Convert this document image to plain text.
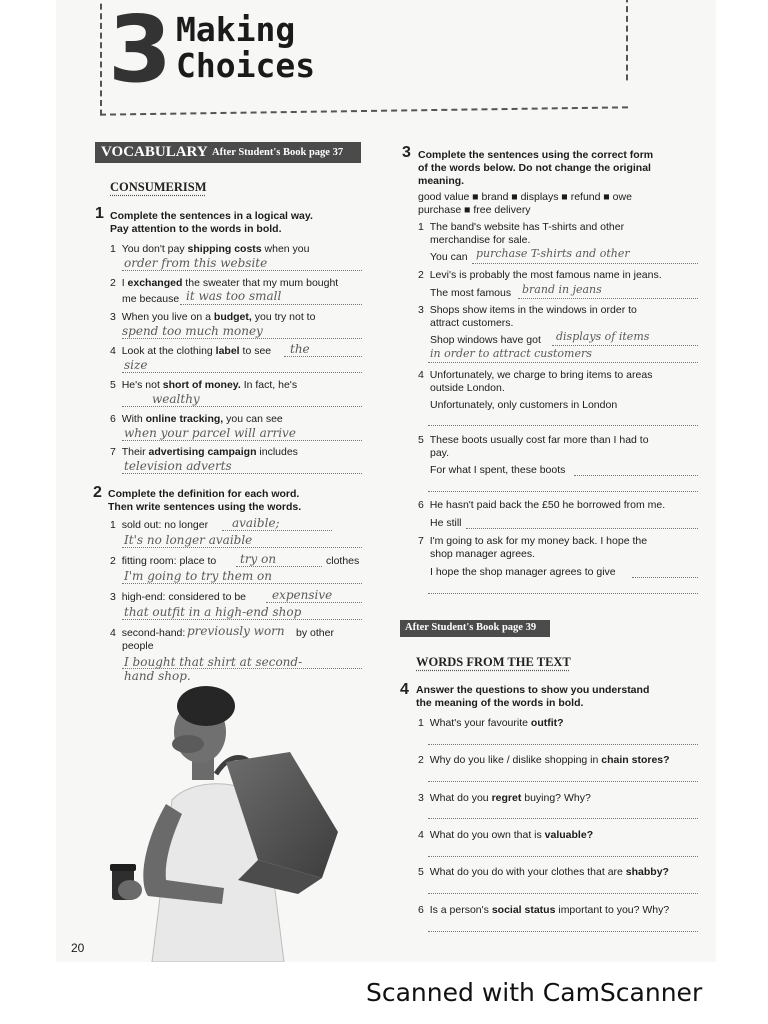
3 Making
Choices
VOCABULARY After Student's Book page 37
CONSUMERISM
1 Complete the sentences in a logical way.
Pay attention to the words in bold.
1 You don't pay shipping costs when you
order from this website
2 I exchanged the sweater that my mum bought
me because it was too small
3 When you live on a budget, you try not to
spend too much money
4 Look at the clothing label to see the
size
5 He's not short of money. In fact, he's
wealthy
6 With online tracking, you can see
when your parcel will arrive
7 Their advertising campaign includes
television adverts
2 Complete the definition for each word.
Then write sentences using the words.
1 sold out: no longer avaible;
It's no longer avaible
2 fitting room: place to try on	clothes
I'm going to try them on
3 high-end: considered to be expensive
that outfit in a high-end shop
4 second-hand: previously worn by other
people
I bought that shirt at second-
hand shop.
20
3 Complete the sentences using the correct form
of the words below. Do not change the original
meaning.
good value ■ brand ■ displays ■ refund ■ owe
purchase ■ free delivery
1 The band's website has T-shirts and other
merchandise for sale.
You can purchase T-shirts and other
2 Levi's is probably the most famous name in jeans.
The most famous brand in jeans
3 Shops show items in the windows in order to
attract customers.
Shop windows have got displays of items
in order to attract customers
4 Unfortunately, we charge to bring items to areas
outside London.
Unfortunately, only customers in London
5 These boots usually cost far more than I had to
pay.
For what I spent, these boots
6 He hasn't paid back the £50 he borrowed from me.
He still
7 I'm going to ask for my money back. I hope the
shop manager agrees.
I hope the shop manager agrees to give
After Student's Book page 39
WORDS FROM THE TEXT
4 Answer the questions to show you understand
the meaning of the words in bold.
1 What's your favourite outfit?
2 Why do you like / dislike shopping in chain stores?
3 What do you regret buying? Why?
4 What do you own that is valuable?
5 What do you do with your clothes that are shabby?
6 Is a person's social status important to you? Why?
Scanned with CamScanner
